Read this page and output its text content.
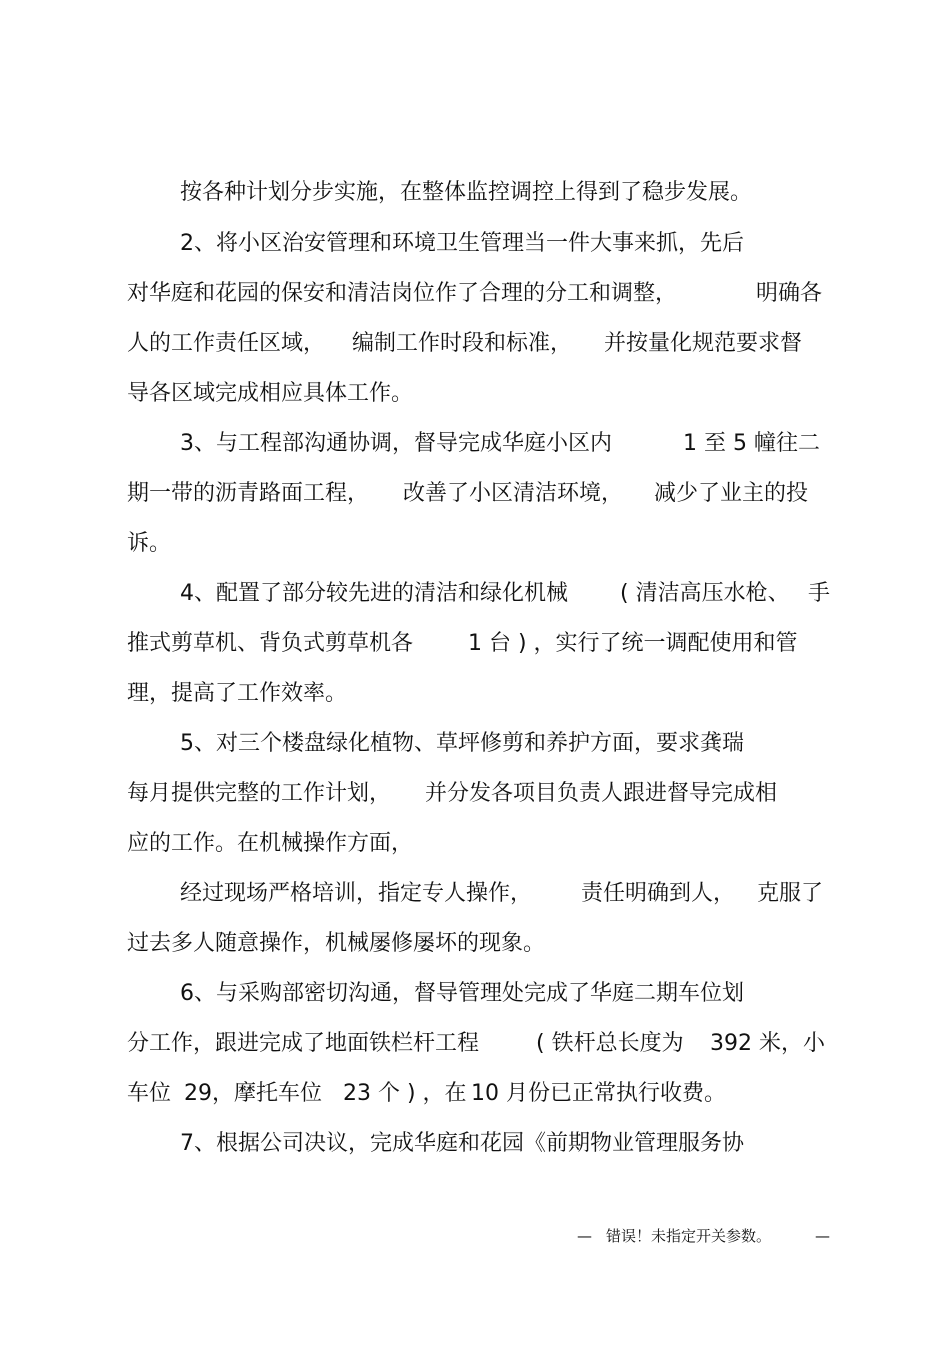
按各种计划分步实施，在整体监控调控上得到了稳步发展。
2、将小区治安管理和环境卫生管理当一件大事来抓，先后
对华庭和花园的保安和清洁岗位作了合理的分工和调整，	明确各
人的工作责任区域， 编制工作时段和标准， 并按量化规范要求督
导各区域完成相应具体工作。
3、与工程部沟通协调，督导完成华庭小区内	1 至 5 幢往二
期一带的沥青路面工程， 改善了小区清洁环境， 减少了业主的投
诉。
4、配置了部分较先进的清洁和绿化机械 ( 清洁高压水枪、 手
推式剪草机、背负式剪草机各 1 台 ) ，实行了统一调配使用和管
理，提高了工作效率。
5、对三个楼盘绿化植物、草坪修剪和养护方面，要求龚瑞
每月提供完整的工作计划， 并分发各项目负责人跟进督导完成相
应的工作。在机械操作方面，
经过现场严格培训，指定专人操作， 责任明确到人， 克服了
过去多人随意操作，机械屡修屡坏的现象。
6、与采购部密切沟通，督导管理处完成了华庭二期车位划
分工作，跟进完成了地面铁栏杆工程	( 铁杆总长度为 392 米，小
车位 29，摩托车位 23 个 ) ，在 10 月份已正常执行收费。
7、根据公司决议，完成华庭和花园《前期物业管理服务协
— 错误！未指定开关参数。	—
